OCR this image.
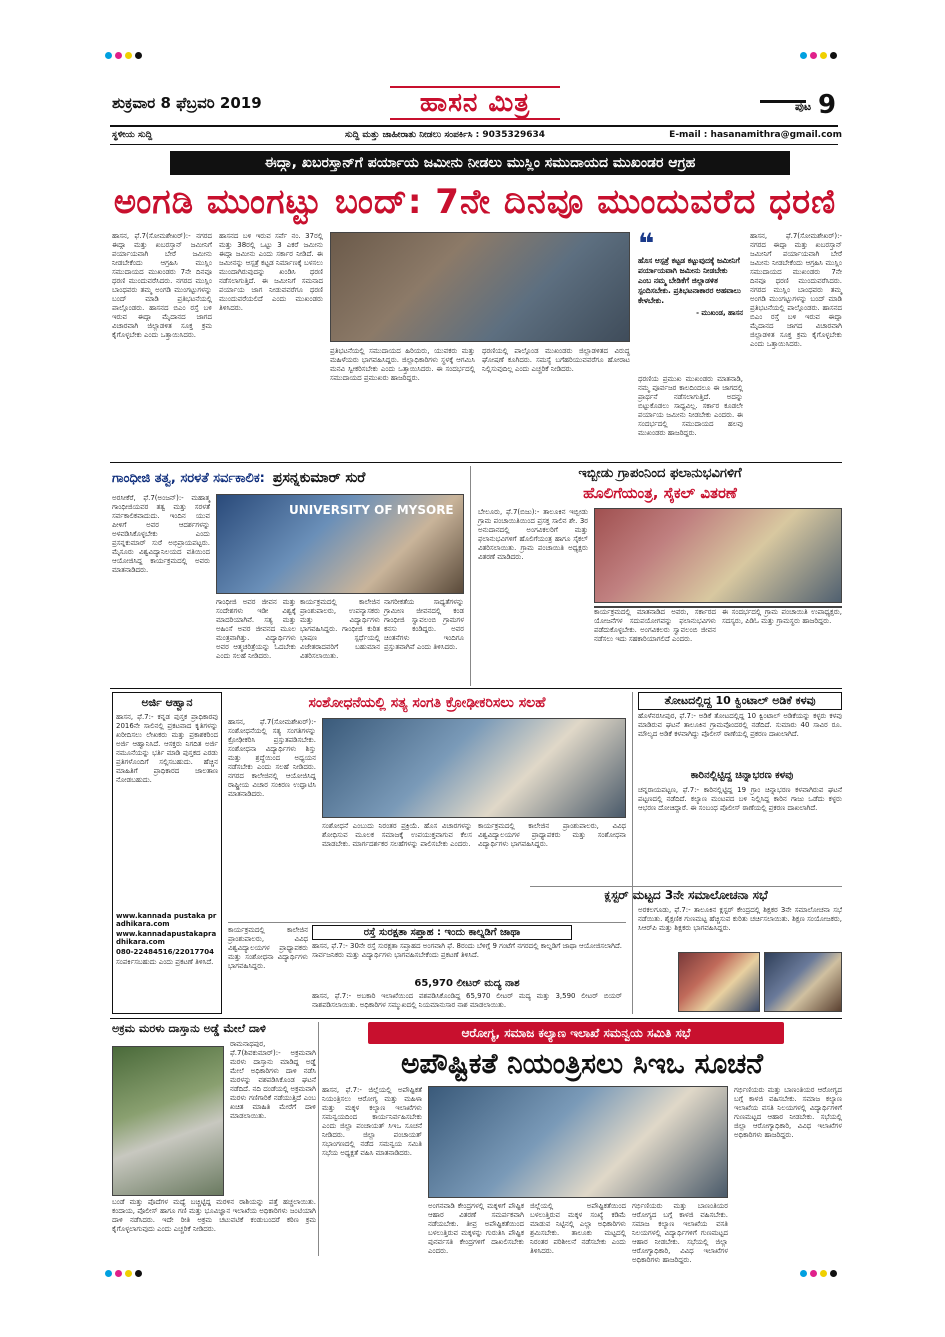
ಶುಕ್ರವಾರ 8 ಫೆಬ್ರವರಿ 2019	ಹಾಸನ ಮಿತ್ರ	ಪುಟ 9
ಸ್ಥಳೀಯ ಸುದ್ದಿ	ಸುದ್ದಿ ಮತ್ತು ಜಾಹೀರಾತು ನೀಡಲು ಸಂಪರ್ಕಿಸಿ : 9035329634	E-mail : hasanamithra@gmail.com
ಈದ್ಗಾ, ಖಬರಸ್ತಾನ್‌ಗೆ ಪರ್ಯಾಯ ಜಮೀನು ನೀಡಲು ಮುಸ್ಲಿಂ ಸಮುದಾಯದ ಮುಖಂಡರ ಆಗ್ರಹ
ಅಂಗಡಿ ಮುಂಗಟ್ಟು ಬಂದ್: 7ನೇ ದಿನವೂ ಮುಂದುವರೆದ ಧರಣಿ
ಹಾಸನ, ಫೆ.7(ಸೋಮಶೇಖರ್):- ನಗರದ ಈದ್ಗಾ ಮತ್ತು ಖಬರಸ್ತಾನ್ ಜಮೀನಿಗೆ ಪರ್ಯಾಯವಾಗಿ ಬೇರೆ ಜಮೀನು ನೀಡಬೇಕೆಂದು ಆಗ್ರಹಿಸಿ ಮುಸ್ಲಿಂ ಸಮುದಾಯದ ಮುಖಂಡರು 7ನೇ ದಿನವೂ ಧರಣಿ ಮುಂದುವರೆಸಿದರು. ನಗರದ ಮುಸ್ಲಿಂ ಬಾಂಧವರು ತಮ್ಮ ಅಂಗಡಿ ಮುಂಗಟ್ಟುಗಳನ್ನು ಬಂದ್ ಮಾಡಿ ಪ್ರತಿಭಟನೆಯಲ್ಲಿ ಪಾಲ್ಗೊಂಡರು. ಹಾಸನದ ಬಿಎಂ ರಸ್ತೆ ಬಳಿ ಇರುವ ಈದ್ಗಾ ಮೈದಾನದ ಜಾಗದ ವಿಚಾರವಾಗಿ ಜಿಲ್ಲಾಡಳಿತ ಸೂಕ್ತ ಕ್ರಮ ಕೈಗೊಳ್ಳಬೇಕು ಎಂದು ಒತ್ತಾಯಿಸಿದರು.
ಹಾಸನದ ಬಳಿ ಇರುವ ಸರ್ವೆ ನಂ. 37ರಲ್ಲಿ ಮತ್ತು 38ರಲ್ಲಿ ಒಟ್ಟು 3 ಎಕರೆ ಜಮೀನು ಈದ್ಗಾ ಜಮೀನು ಎಂದು ಸರ್ಕಾರ ನೀಡಿದೆ. ಈ ಜಮೀನನ್ನು ಆಸ್ಪತ್ರೆ ಕಟ್ಟಡ ನಿರ್ಮಾಣಕ್ಕೆ ಬಳಸಲು ಮುಂದಾಗಿರುವುದನ್ನು ಖಂಡಿಸಿ ಧರಣಿ ನಡೆಸಲಾಗುತ್ತಿದೆ. ಈ ಜಮೀನಿಗೆ ಸಮನಾದ ಪರ್ಯಾಯ ಜಾಗ ನೀಡುವವರೆಗೂ ಧರಣಿ ಮುಂದುವರೆಯಲಿದೆ ಎಂದು ಮುಖಂಡರು ತಿಳಿಸಿದರು.
ಪ್ರತಿಭಟನೆಯಲ್ಲಿ ಸಮುದಾಯದ ಹಿರಿಯರು, ಯುವಕರು ಮತ್ತು ಮಹಿಳೆಯರು ಭಾಗವಹಿಸಿದ್ದರು. ಜಿಲ್ಲಾಧಿಕಾರಿಗಳು ಸ್ಥಳಕ್ಕೆ ಆಗಮಿಸಿ ಮನವಿ ಸ್ವೀಕರಿಸಬೇಕು ಎಂದು ಒತ್ತಾಯಿಸಿದರು. ಈ ಸಂದರ್ಭದಲ್ಲಿ ಸಮುದಾಯದ ಪ್ರಮುಖರು ಹಾಜರಿದ್ದರು.
ಧರಣಿಯಲ್ಲಿ ಪಾಲ್ಗೊಂಡ ಮುಖಂಡರು ಜಿಲ್ಲಾಡಳಿತದ ವಿರುದ್ಧ ಘೋಷಣೆ ಕೂಗಿದರು. ಸಮಸ್ಯೆ ಬಗೆಹರಿಯುವವರೆಗೂ ಹೋರಾಟ ನಿಲ್ಲಿಸುವುದಿಲ್ಲ ಎಂದು ಎಚ್ಚರಿಕೆ ನೀಡಿದರು.
❝
ಹೊಸ ಆಸ್ಪತ್ರೆ ಕಟ್ಟಡ ಕಟ್ಟುವುದಕ್ಕೆ ಜಮೀನಿಗೆ ಪರ್ಯಾಯವಾಗಿ ಜಮೀನು ನೀಡಬೇಕು ಎಂಬ ನಮ್ಮ ಬೇಡಿಕೆಗೆ ಜಿಲ್ಲಾಡಳಿತ ಸ್ಪಂದಿಸಬೇಕು. ಪ್ರತಿಭಟನಾಕಾರರ ಅಹವಾಲು ಕೇಳಬೇಕು.
- ಮುಖಂಡ, ಹಾಸನ
ಧರಣಿಯ ಪ್ರಮುಖ ಮುಖಂಡರು ಮಾತನಾಡಿ, ನಮ್ಮ ಪೂರ್ವಜರ ಕಾಲದಿಂದಲೂ ಈ ಜಾಗದಲ್ಲಿ ಪ್ರಾರ್ಥನೆ ನಡೆಸಲಾಗುತ್ತಿದೆ. ಅದನ್ನು ಬಿಟ್ಟುಕೊಡಲು ಸಾಧ್ಯವಿಲ್ಲ. ಸರ್ಕಾರ ಕೂಡಲೇ ಪರ್ಯಾಯ ಜಮೀನು ನೀಡಬೇಕು ಎಂದರು. ಈ ಸಂದರ್ಭದಲ್ಲಿ ಸಮುದಾಯದ ಹಲವು ಮುಖಂಡರು ಹಾಜರಿದ್ದರು.
ಹಾಸನ, ಫೆ.7(ಸೋಮಶೇಖರ್):- ನಗರದ ಈದ್ಗಾ ಮತ್ತು ಖಬರಸ್ತಾನ್ ಜಮೀನಿಗೆ ಪರ್ಯಾಯವಾಗಿ ಬೇರೆ ಜಮೀನು ನೀಡಬೇಕೆಂದು ಆಗ್ರಹಿಸಿ ಮುಸ್ಲಿಂ ಸಮುದಾಯದ ಮುಖಂಡರು 7ನೇ ದಿನವೂ ಧರಣಿ ಮುಂದುವರೆಸಿದರು. ನಗರದ ಮುಸ್ಲಿಂ ಬಾಂಧವರು ತಮ್ಮ ಅಂಗಡಿ ಮುಂಗಟ್ಟುಗಳನ್ನು ಬಂದ್ ಮಾಡಿ ಪ್ರತಿಭಟನೆಯಲ್ಲಿ ಪಾಲ್ಗೊಂಡರು. ಹಾಸನದ ಬಿಎಂ ರಸ್ತೆ ಬಳಿ ಇರುವ ಈದ್ಗಾ ಮೈದಾನದ ಜಾಗದ ವಿಚಾರವಾಗಿ ಜಿಲ್ಲಾಡಳಿತ ಸೂಕ್ತ ಕ್ರಮ ಕೈಗೊಳ್ಳಬೇಕು ಎಂದು ಒತ್ತಾಯಿಸಿದರು.
ಗಾಂಧೀಜಿ ತತ್ವ, ಸರಳತೆ ಸರ್ವಕಾಲಿಕ: ಪ್ರಸನ್ನಕುಮಾರ್ ಸುರೆ
ಅರಸೀಕೆರೆ, ಫೆ.7(ಅಂಜನ್):- ಮಹಾತ್ಮ ಗಾಂಧೀಜಿಯವರ ತತ್ವ ಮತ್ತು ಸರಳತೆ ಸರ್ವಕಾಲಿಕವಾದುದು. ಇಂದಿನ ಯುವ ಪೀಳಿಗೆ ಅವರ ಆದರ್ಶಗಳನ್ನು ಅಳವಡಿಸಿಕೊಳ್ಳಬೇಕು ಎಂದು ಪ್ರಸನ್ನಕುಮಾರ್ ಸುರೆ ಅಭಿಪ್ರಾಯಪಟ್ಟರು. ಮೈಸೂರು ವಿಶ್ವವಿದ್ಯಾನಿಲಯದ ವತಿಯಿಂದ ಆಯೋಜಿಸಿದ್ದ ಕಾರ್ಯಕ್ರಮದಲ್ಲಿ ಅವರು ಮಾತನಾಡಿದರು.
UNIVERSITY OF MYSORE
ಗಾಂಧೀಜಿ ಅವರ ಜೀವನ ಮತ್ತು ಸಂದೇಶಗಳು ಇಡೀ ವಿಶ್ವಕ್ಕೆ ಮಾದರಿಯಾಗಿವೆ. ಸತ್ಯ ಮತ್ತು ಅಹಿಂಸೆ ಅವರ ಜೀವನದ ಮೂಲ ಮಂತ್ರವಾಗಿತ್ತು. ವಿದ್ಯಾರ್ಥಿಗಳು ಅವರ ಆತ್ಮಚರಿತ್ರೆಯನ್ನು ಓದಬೇಕು ಎಂದು ಸಲಹೆ ನೀಡಿದರು.
ಕಾರ್ಯಕ್ರಮದಲ್ಲಿ ಕಾಲೇಜಿನ ಪ್ರಾಂಶುಪಾಲರು, ಉಪನ್ಯಾಸಕರು ಮತ್ತು ವಿದ್ಯಾರ್ಥಿಗಳು ಭಾಗವಹಿಸಿದ್ದರು. ಗಾಂಧೀಜಿ ಕುರಿತ ಭಾಷಣ ಸ್ಪರ್ಧೆಯಲ್ಲಿ ವಿಜೇತರಾದವರಿಗೆ ಬಹುಮಾನ ವಿತರಿಸಲಾಯಿತು.
ನಾಗರೀಕತೆಯ ಸಾಧ್ಯತೆಗಳನ್ನು ಗ್ರಾಮೀಣ ಜೀವನದಲ್ಲಿ ಕಂಡ ಗಾಂಧೀಜಿ ಸ್ವಾವಲಂಬಿ ಗ್ರಾಮಗಳ ಕನಸು ಕಂಡಿದ್ದರು. ಅವರ ಚಿಂತನೆಗಳು ಇಂದಿಗೂ ಪ್ರಸ್ತುತವಾಗಿವೆ ಎಂದು ತಿಳಿಸಿದರು.
ಇಬ್ಬೀಡು ಗ್ರಾಪಂನಿಂದ ಫಲಾನುಭವಿಗಳಿಗೆ
ಹೊಲಿಗೆಯಂತ್ರ, ಸೈಕಲ್ ವಿತರಣೆ
ಬೇಲೂರು, ಫೆ.7(ಬಿಜು):- ತಾಲೂಕಿನ ಇಬ್ಬೀಡು ಗ್ರಾಮ ಪಂಚಾಯಿತಿಯಿಂದ ಪ್ರಸಕ್ತ ಸಾಲಿನ ಶೇ. 3ರ ಅನುದಾನದಲ್ಲಿ ಅಂಗವಿಕಲರಿಗೆ ಮತ್ತು ಫಲಾನುಭವಿಗಳಿಗೆ ಹೊಲಿಗೆಯಂತ್ರ ಹಾಗೂ ಸೈಕಲ್ ವಿತರಿಸಲಾಯಿತು. ಗ್ರಾಮ ಪಂಚಾಯಿತಿ ಅಧ್ಯಕ್ಷರು ವಿತರಣೆ ಮಾಡಿದರು.
ಕಾರ್ಯಕ್ರಮದಲ್ಲಿ ಮಾತನಾಡಿದ ಅವರು, ಸರ್ಕಾರದ ಯೋಜನೆಗಳ ಸದುಪಯೋಗವನ್ನು ಫಲಾನುಭವಿಗಳು ಪಡೆದುಕೊಳ್ಳಬೇಕು. ಅಂಗವಿಕಲರು ಸ್ವಾವಲಂಬಿ ಜೀವನ ನಡೆಸಲು ಇದು ಸಹಕಾರಿಯಾಗಲಿದೆ ಎಂದರು.
ಈ ಸಂದರ್ಭದಲ್ಲಿ ಗ್ರಾಮ ಪಂಚಾಯಿತಿ ಉಪಾಧ್ಯಕ್ಷರು, ಸದಸ್ಯರು, ಪಿಡಿಓ ಮತ್ತು ಗ್ರಾಮಸ್ಥರು ಹಾಜರಿದ್ದರು.
ಅರ್ಜಿ ಆಹ್ವಾನ
ಹಾಸನ, ಫೆ.7:- ಕನ್ನಡ ಪುಸ್ತಕ ಪ್ರಾಧಿಕಾರವು 2016ನೇ ಸಾಲಿನಲ್ಲಿ ಪ್ರಕಟವಾದ ಕೃತಿಗಳನ್ನು ಖರೀದಿಸಲು ಲೇಖಕರು ಮತ್ತು ಪ್ರಕಾಶಕರಿಂದ ಅರ್ಜಿ ಆಹ್ವಾನಿಸಿದೆ. ಆಸಕ್ತರು ನಿಗದಿತ ಅರ್ಜಿ ನಮೂನೆಯನ್ನು ಭರ್ತಿ ಮಾಡಿ ಪುಸ್ತಕದ ಎರಡು ಪ್ರತಿಗಳೊಂದಿಗೆ ಸಲ್ಲಿಸಬಹುದು. ಹೆಚ್ಚಿನ ಮಾಹಿತಿಗೆ ಪ್ರಾಧಿಕಾರದ ಜಾಲತಾಣ ನೋಡಬಹುದು.
www.kannada pustaka pradhikara.com
www.kannadapustakapradhikara.com
080-22484516/22017704
ಸಂಪರ್ಕಿಸಬಹುದು ಎಂದು ಪ್ರಕಟಣೆ ತಿಳಿಸಿದೆ.
ಸಂಶೋಧನೆಯಲ್ಲಿ ಸತ್ಯ ಸಂಗತಿ ಕ್ರೋಢೀಕರಿಸಲು ಸಲಹೆ
ಹಾಸನ, ಫೆ.7(ಸೋಮಶೇಖರ್):- ಸಂಶೋಧನೆಯಲ್ಲಿ ಸತ್ಯ ಸಂಗತಿಗಳನ್ನು ಕ್ರೋಢೀಕರಿಸಿ ಪ್ರಸ್ತುತಪಡಿಸಬೇಕು. ಸಂಶೋಧನಾ ವಿದ್ಯಾರ್ಥಿಗಳು ಶಿಸ್ತು ಮತ್ತು ಶ್ರದ್ಧೆಯಿಂದ ಅಧ್ಯಯನ ನಡೆಸಬೇಕು ಎಂದು ಸಲಹೆ ನೀಡಿದರು. ನಗರದ ಕಾಲೇಜಿನಲ್ಲಿ ಆಯೋಜಿಸಿದ್ದ ರಾಷ್ಟ್ರೀಯ ವಿಚಾರ ಸಂಕಿರಣ ಉದ್ಘಾಟಿಸಿ ಮಾತನಾಡಿದರು.
ಸಂಶೋಧನೆ ಎಂಬುದು ನಿರಂತರ ಪ್ರಕ್ರಿಯೆ. ಹೊಸ ವಿಚಾರಗಳನ್ನು ಶೋಧಿಸುವ ಮೂಲಕ ಸಮಾಜಕ್ಕೆ ಉಪಯುಕ್ತವಾಗುವ ಕೆಲಸ ಮಾಡಬೇಕು. ಮಾರ್ಗದರ್ಶಕರ ಸಲಹೆಗಳನ್ನು ಪಾಲಿಸಬೇಕು ಎಂದರು.
ಕಾರ್ಯಕ್ರಮದಲ್ಲಿ ಕಾಲೇಜಿನ ಪ್ರಾಂಶುಪಾಲರು, ವಿವಿಧ ವಿಶ್ವವಿದ್ಯಾಲಯಗಳ ಪ್ರಾಧ್ಯಾಪಕರು ಮತ್ತು ಸಂಶೋಧನಾ ವಿದ್ಯಾರ್ಥಿಗಳು ಭಾಗವಹಿಸಿದ್ದರು.
ರಸ್ತೆ ಸುರಕ್ಷತಾ ಸಪ್ತಾಹ : ಇಂದು ಕಾಲ್ನಡಿಗೆ ಜಾಥಾ
ಹಾಸನ, ಫೆ.7:- 30ನೇ ರಸ್ತೆ ಸುರಕ್ಷತಾ ಸಪ್ತಾಹದ ಅಂಗವಾಗಿ ಫೆ. 8ರಂದು ಬೆಳಿಗ್ಗೆ 9 ಗಂಟೆಗೆ ನಗರದಲ್ಲಿ ಕಾಲ್ನಡಿಗೆ ಜಾಥಾ ಆಯೋಜಿಸಲಾಗಿದೆ. ಸಾರ್ವಜನಿಕರು ಮತ್ತು ವಿದ್ಯಾರ್ಥಿಗಳು ಭಾಗವಹಿಸಬೇಕೆಂದು ಪ್ರಕಟಣೆ ತಿಳಿಸಿದೆ.
65,970 ಲೀಟರ್ ಮದ್ಯ ನಾಶ
ಹಾಸನ, ಫೆ.7:- ಅಬಕಾರಿ ಇಲಾಖೆಯಿಂದ ವಶಪಡಿಸಿಕೊಂಡಿದ್ದ 65,970 ಲೀಟರ್ ಮದ್ಯ ಮತ್ತು 3,590 ಲೀಟರ್ ಬಿಯರ್ ನಾಶಪಡಿಸಲಾಯಿತು. ಅಧಿಕಾರಿಗಳ ಸಮ್ಮುಖದಲ್ಲಿ ನಿಯಮಾನುಸಾರ ನಾಶ ಮಾಡಲಾಯಿತು.
ಕಾರ್ಯಕ್ರಮದಲ್ಲಿ ಕಾಲೇಜಿನ ಪ್ರಾಂಶುಪಾಲರು, ವಿವಿಧ ವಿಶ್ವವಿದ್ಯಾಲಯಗಳ ಪ್ರಾಧ್ಯಾಪಕರು ಮತ್ತು ಸಂಶೋಧನಾ ವಿದ್ಯಾರ್ಥಿಗಳು ಭಾಗವಹಿಸಿದ್ದರು.
ತೋಟದಲ್ಲಿದ್ದ 10 ಕ್ವಿಂಟಾಲ್ ಅಡಿಕೆ ಕಳವು
ಹೊಳೆನರಸೀಪುರ, ಫೆ.7:- ಅಡಿಕೆ ತೋಟದಲ್ಲಿದ್ದ 10 ಕ್ವಿಂಟಾಲ್ ಅಡಿಕೆಯನ್ನು ಕಳ್ಳರು ಕಳವು ಮಾಡಿರುವ ಘಟನೆ ತಾಲೂಕಿನ ಗ್ರಾಮವೊಂದರಲ್ಲಿ ನಡೆದಿದೆ. ಸುಮಾರು 40 ಸಾವಿರ ರೂ. ಮೌಲ್ಯದ ಅಡಿಕೆ ಕಳವಾಗಿದ್ದು ಪೊಲೀಸ್ ಠಾಣೆಯಲ್ಲಿ ಪ್ರಕರಣ ದಾಖಲಾಗಿದೆ.
ಕಾರಿನಲ್ಲಿಟ್ಟಿದ್ದ ಚಿನ್ನಾಭರಣ ಕಳವು
ಚನ್ನರಾಯಪಟ್ಟಣ, ಫೆ.7:- ಕಾರಿನಲ್ಲಿಟ್ಟಿದ್ದ 19 ಗ್ರಾಂ ಚಿನ್ನಾಭರಣ ಕಳವಾಗಿರುವ ಘಟನೆ ಪಟ್ಟಣದಲ್ಲಿ ನಡೆದಿದೆ. ಕಲ್ಯಾಣ ಮಂಟಪದ ಬಳಿ ನಿಲ್ಲಿಸಿದ್ದ ಕಾರಿನ ಗಾಜು ಒಡೆದು ಕಳ್ಳರು ಆಭರಣ ದೋಚಿದ್ದಾರೆ. ಈ ಸಂಬಂಧ ಪೊಲೀಸ್ ಠಾಣೆಯಲ್ಲಿ ಪ್ರಕರಣ ದಾಖಲಾಗಿದೆ.
ಕ್ಲಸ್ಟರ್ ಮಟ್ಟದ 3ನೇ ಸಮಾಲೋಚನಾ ಸಭೆ
ಅರಕಲಗೂಡು, ಫೆ.7:- ತಾಲೂಕಿನ ಕ್ಲಸ್ಟರ್ ಕೇಂದ್ರದಲ್ಲಿ ಶಿಕ್ಷಕರ 3ನೇ ಸಮಾಲೋಚನಾ ಸಭೆ ನಡೆಯಿತು. ಶೈಕ್ಷಣಿಕ ಗುಣಮಟ್ಟ ಹೆಚ್ಚಿಸುವ ಕುರಿತು ಚರ್ಚಿಸಲಾಯಿತು. ಶಿಕ್ಷಣ ಸಂಯೋಜಕರು, ಸಿಆರ್‌ಪಿ ಮತ್ತು ಶಿಕ್ಷಕರು ಭಾಗವಹಿಸಿದ್ದರು.
ಅಕ್ರಮ ಮರಳು ದಾಸ್ತಾನು ಅಡ್ಡೆ ಮೇಲೆ ದಾಳಿ
ರಾಮನಾಥಪುರ, ಫೆ.7(ಶಿವಕುಮಾರ್):- ಅಕ್ರಮವಾಗಿ ಮರಳು ದಾಸ್ತಾನು ಮಾಡಿದ್ದ ಅಡ್ಡೆ ಮೇಲೆ ಅಧಿಕಾರಿಗಳು ದಾಳಿ ನಡೆಸಿ ಮರಳನ್ನು ವಶಪಡಿಸಿಕೊಂಡ ಘಟನೆ ನಡೆದಿದೆ. ನದಿ ದಂಡೆಯಲ್ಲಿ ಅಕ್ರಮವಾಗಿ ಮರಳು ಗಣಿಗಾರಿಕೆ ನಡೆಯುತ್ತಿದೆ ಎಂಬ ಖಚಿತ ಮಾಹಿತಿ ಮೇರೆಗೆ ದಾಳಿ ಮಾಡಲಾಯಿತು.
ಬಂಡೆ ಮತ್ತು ಪೊದೆಗಳ ಮಧ್ಯೆ ಬಚ್ಚಿಟ್ಟಿದ್ದ ಮರಳಿನ ರಾಶಿಯನ್ನು ಪತ್ತೆ ಹಚ್ಚಲಾಯಿತು. ಕಂದಾಯ, ಪೊಲೀಸ್ ಹಾಗೂ ಗಣಿ ಮತ್ತು ಭೂವಿಜ್ಞಾನ ಇಲಾಖೆಯ ಅಧಿಕಾರಿಗಳು ಜಂಟಿಯಾಗಿ ದಾಳಿ ನಡೆಸಿದರು. ಇದೇ ರೀತಿ ಅಕ್ರಮ ಚಟುವಟಿಕೆ ಕಂಡುಬಂದರೆ ಕಠಿಣ ಕ್ರಮ ಕೈಗೊಳ್ಳಲಾಗುವುದು ಎಂದು ಎಚ್ಚರಿಕೆ ನೀಡಿದರು.
ಆರೋಗ್ಯ, ಸಮಾಜ ಕಲ್ಯಾಣ ಇಲಾಖೆ ಸಮನ್ವಯ ಸಮಿತಿ ಸಭೆ
ಅಪೌಷ್ಟಿಕತೆ ನಿಯಂತ್ರಿಸಲು ಸಿಇಒ ಸೂಚನೆ
ಹಾಸನ, ಫೆ.7:- ಜಿಲ್ಲೆಯಲ್ಲಿ ಅಪೌಷ್ಟಿಕತೆ ನಿಯಂತ್ರಿಸಲು ಆರೋಗ್ಯ ಮತ್ತು ಮಹಿಳಾ ಮತ್ತು ಮಕ್ಕಳ ಕಲ್ಯಾಣ ಇಲಾಖೆಗಳು ಸಮನ್ವಯದಿಂದ ಕಾರ್ಯನಿರ್ವಹಿಸಬೇಕು ಎಂದು ಜಿಲ್ಲಾ ಪಂಚಾಯತ್ ಸಿಇಒ ಸೂಚನೆ ನೀಡಿದರು. ಜಿಲ್ಲಾ ಪಂಚಾಯತ್ ಸಭಾಂಗಣದಲ್ಲಿ ನಡೆದ ಸಮನ್ವಯ ಸಮಿತಿ ಸಭೆಯ ಅಧ್ಯಕ್ಷತೆ ವಹಿಸಿ ಮಾತನಾಡಿದರು.
ಅಂಗನವಾಡಿ ಕೇಂದ್ರಗಳಲ್ಲಿ ಮಕ್ಕಳಿಗೆ ಪೌಷ್ಟಿಕ ಆಹಾರ ವಿತರಣೆ ಸಮರ್ಪಕವಾಗಿ ನಡೆಯಬೇಕು. ತೀವ್ರ ಅಪೌಷ್ಟಿಕತೆಯಿಂದ ಬಳಲುತ್ತಿರುವ ಮಕ್ಕಳನ್ನು ಗುರುತಿಸಿ ಪೌಷ್ಟಿಕ ಪುನರ್ವಸತಿ ಕೇಂದ್ರಗಳಿಗೆ ದಾಖಲಿಸಬೇಕು ಎಂದರು.
ಜಿಲ್ಲೆಯಲ್ಲಿ ಅಪೌಷ್ಟಿಕತೆಯಿಂದ ಬಳಲುತ್ತಿರುವ ಮಕ್ಕಳ ಸಂಖ್ಯೆ ಕಡಿಮೆ ಮಾಡುವ ನಿಟ್ಟಿನಲ್ಲಿ ಎಲ್ಲಾ ಅಧಿಕಾರಿಗಳು ಶ್ರಮಿಸಬೇಕು. ತಾಲೂಕು ಮಟ್ಟದಲ್ಲಿ ನಿರಂತರ ಪರಿಶೀಲನೆ ನಡೆಸಬೇಕು ಎಂದು ತಿಳಿಸಿದರು.
ಗರ್ಭಿಣಿಯರು ಮತ್ತು ಬಾಣಂತಿಯರ ಆರೋಗ್ಯದ ಬಗ್ಗೆ ಕಾಳಜಿ ವಹಿಸಬೇಕು. ಸಮಾಜ ಕಲ್ಯಾಣ ಇಲಾಖೆಯ ವಸತಿ ನಿಲಯಗಳಲ್ಲಿ ವಿದ್ಯಾರ್ಥಿಗಳಿಗೆ ಗುಣಮಟ್ಟದ ಆಹಾರ ನೀಡಬೇಕು. ಸಭೆಯಲ್ಲಿ ಜಿಲ್ಲಾ ಆರೋಗ್ಯಾಧಿಕಾರಿ, ವಿವಿಧ ಇಲಾಖೆಗಳ ಅಧಿಕಾರಿಗಳು ಹಾಜರಿದ್ದರು.
ಗರ್ಭಿಣಿಯರು ಮತ್ತು ಬಾಣಂತಿಯರ ಆರೋಗ್ಯದ ಬಗ್ಗೆ ಕಾಳಜಿ ವಹಿಸಬೇಕು. ಸಮಾಜ ಕಲ್ಯಾಣ ಇಲಾಖೆಯ ವಸತಿ ನಿಲಯಗಳಲ್ಲಿ ವಿದ್ಯಾರ್ಥಿಗಳಿಗೆ ಗುಣಮಟ್ಟದ ಆಹಾರ ನೀಡಬೇಕು. ಸಭೆಯಲ್ಲಿ ಜಿಲ್ಲಾ ಆರೋಗ್ಯಾಧಿಕಾರಿ, ವಿವಿಧ ಇಲಾಖೆಗಳ ಅಧಿಕಾರಿಗಳು ಹಾಜರಿದ್ದರು.
